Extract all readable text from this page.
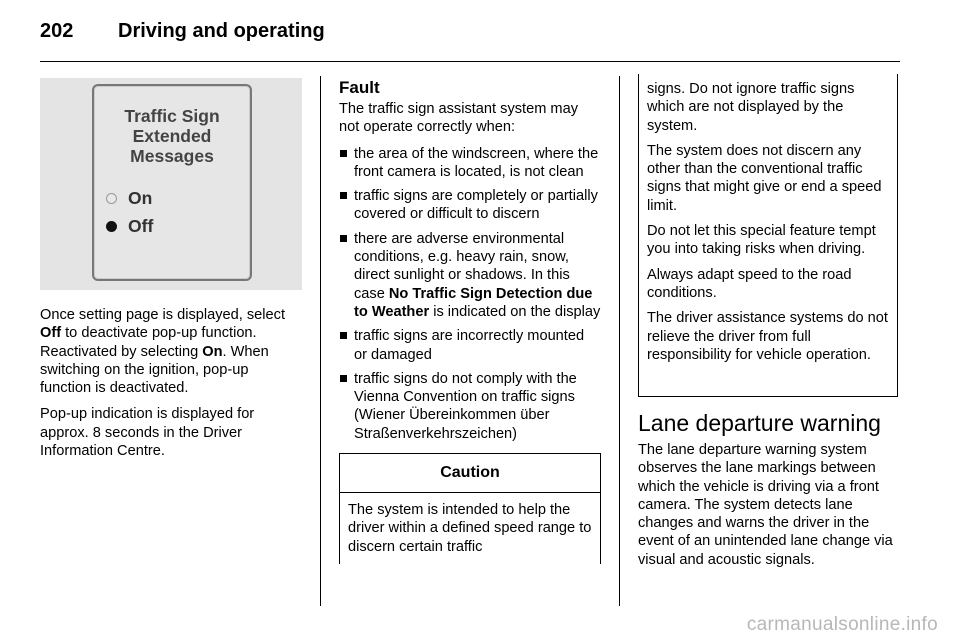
202 Driving and operating
Traffic Sign
Extended
Messages
On
Off

Once setting page is displayed, select Off to deactivate pop-up function. Reactivated by selecting On. When switching on the ignition, pop-up function is deactivated.

Pop-up indication is displayed for approx. 8 seconds in the Driver Information Centre.

Fault

The traffic sign assistant system may not operate correctly when:

the area of the windscreen, where the front camera is located, is not clean
traffic signs are completely or partially covered or difficult to discern
there are adverse environmental conditions, e.g. heavy rain, snow, direct sunlight or shadows. In this case No Traffic Sign Detection due to Weather is indicated on the display
traffic signs are incorrectly mounted or damaged
traffic signs do not comply with the Vienna Convention on traffic signs (Wiener Übereinkommen über Straßenverkehrszeichen)
Caution
The system is intended to help the driver within a defined speed range to discern certain traffic

signs. Do not ignore traffic signs which are not displayed by the system.

The system does not discern any other than the conventional traffic signs that might give or end a speed limit.

Do not let this special feature tempt you into taking risks when driving.

Always adapt speed to the road conditions.

The driver assistance systems do not relieve the driver from full responsibility for vehicle operation.

Lane departure warning

The lane departure warning system observes the lane markings between which the vehicle is driving via a front camera. The system detects lane changes and warns the driver in the event of an unintended lane change via visual and acoustic signals.

carmanualsonline.info
